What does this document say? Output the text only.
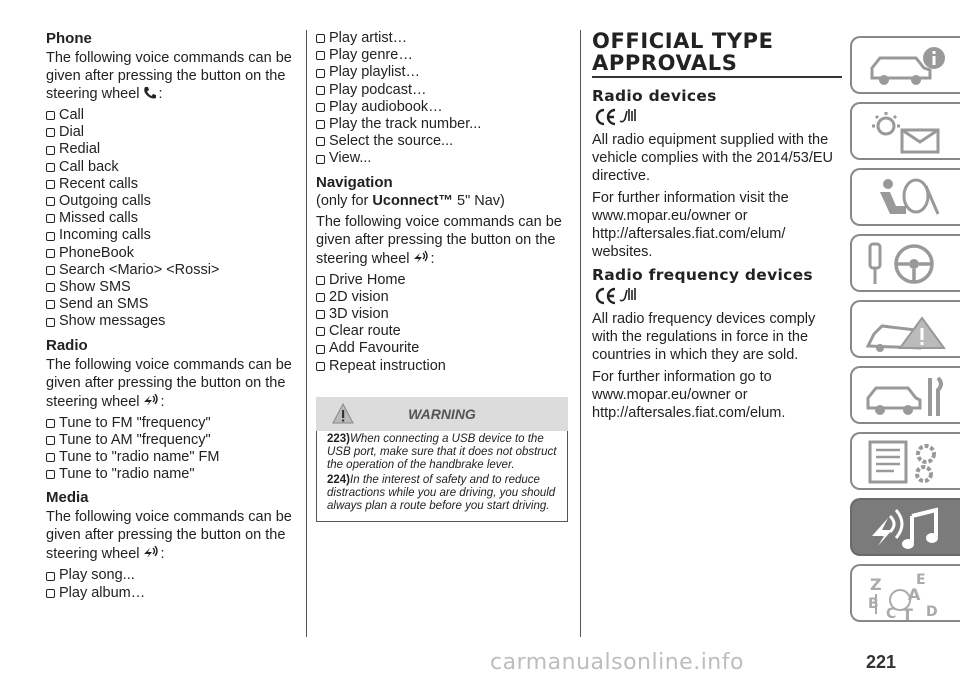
Phone

The following voice commands can be given after pressing the button on the steering wheel :

Call
Dial
Redial
Call back
Recent calls
Outgoing calls
Missed calls
Incoming calls
PhoneBook
Search <Mario> <Rossi>
Show SMS
Send an SMS
Show messages
Radio

The following voice commands can be given after pressing the button on the steering wheel :

Tune to FM "frequency"
Tune to AM "frequency"
Tune to "radio name" FM
Tune to "radio name"
Media

The following voice commands can be given after pressing the button on the steering wheel :

Play song...
Play album…
Play artist…
Play genre…
Play playlist…
Play podcast…
Play audiobook…
Play the track number...
Select the source...
View...
Navigation

(only for Uconnect™ 5" Nav)

The following voice commands can be given after pressing the button on the steering wheel :

Drive Home
2D vision
3D vision
Clear route
Add Favourite
Repeat instruction
WARNING

223)When connecting a USB device to the USB port, make sure that it does not obstruct the operation of the handbrake lever.

224)In the interest of safety and to reduce distractions while you are driving, you should always plan a route before you start driving.

OFFICIAL TYPE APPROVALS
Radio devices

All radio equipment supplied with the vehicle complies with the 2014/53/EU directive.

For further information visit the www.mopar.eu/owner or http://aftersales.fiat.com/elum/ websites.

Radio frequency devices

All radio frequency devices comply with the regulations in force in the countries in which they are sold.

For further information go to www.mopar.eu/owner or http://aftersales.fiat.com/elum.

Z E
A
B
C T D
221
carmanualsonline.info
